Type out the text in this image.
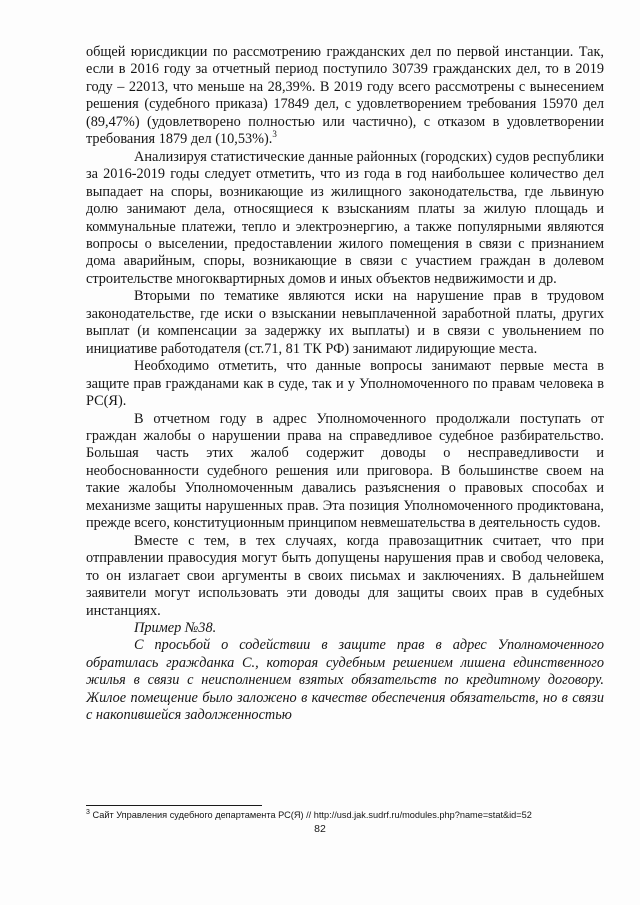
общей юрисдикции по рассмотрению гражданских дел по первой инстанции. Так, если в 2016 году за отчетный период поступило 30739 гражданских дел, то в 2019 году – 22013, что меньше на 28,39%. В 2019 году всего рассмотрены с вынесением решения (судебного приказа) 17849 дел, с удовлетворением требования 15970 дел (89,47%) (удовлетворено полностью или частично), с отказом в удовлетворении требования 1879 дел (10,53%).$^3$

Анализируя статистические данные районных (городских) судов республики за 2016-2019 годы следует отметить, что из года в год наибольшее количество дел выпадает на споры, возникающие из жилищного законодательства, где львиную долю занимают дела, относящиеся к взысканиям платы за жилую площадь и коммунальные платежи, тепло и электроэнергию, а также популярными являются вопросы о выселении, предоставлении жилого помещения в связи с признанием дома аварийным, споры, возникающие в связи с участием граждан в долевом строительстве многоквартирных домов и иных объектов недвижимости и др.

Вторыми по тематике являются иски на нарушение прав в трудовом законодательстве, где иски о взыскании невыплаченной заработной платы, других выплат (и компенсации за задержку их выплаты) и в связи с увольнением по инициативе работодателя (ст.71, 81 ТК РФ) занимают лидирующие места.

Необходимо отметить, что данные вопросы занимают первые места в защите прав гражданами как в суде, так и у Уполномоченного по правам человека в РС(Я).

В отчетном году в адрес Уполномоченного продолжали поступать от граждан жалобы о нарушении права на справедливое судебное разбирательство. Большая часть этих жалоб содержит доводы о несправедливости и необоснованности судебного решения или приговора. В большинстве своем на такие жалобы Уполномоченным давались разъяснения о правовых способах и механизме защиты нарушенных прав. Эта позиция Уполномоченного продиктована, прежде всего, конституционным принципом невмешательства в деятельность судов.

Вместе с тем, в тех случаях, когда правозащитник считает, что при отправлении правосудия могут быть допущены нарушения прав и свобод человека, то он излагает свои аргументы в своих письмах и заключениях. В дальнейшем заявители могут использовать эти доводы для защиты своих прав в судебных инстанциях.

Пример №38.

С просьбой о содействии в защите прав в адрес Уполномоченного обратилась гражданка С., которая судебным решением лишена единственного жилья в связи с неисполнением взятых обязательств по кредитному договору. Жилое помещение было заложено в качестве обеспечения обязательств, но в связи с накопившейся задолженностью

$^3$ Сайт Управления судебного департамента РС(Я) // http://usd.jak.sudrf.ru/modules.php?name=stat&id=52
82
